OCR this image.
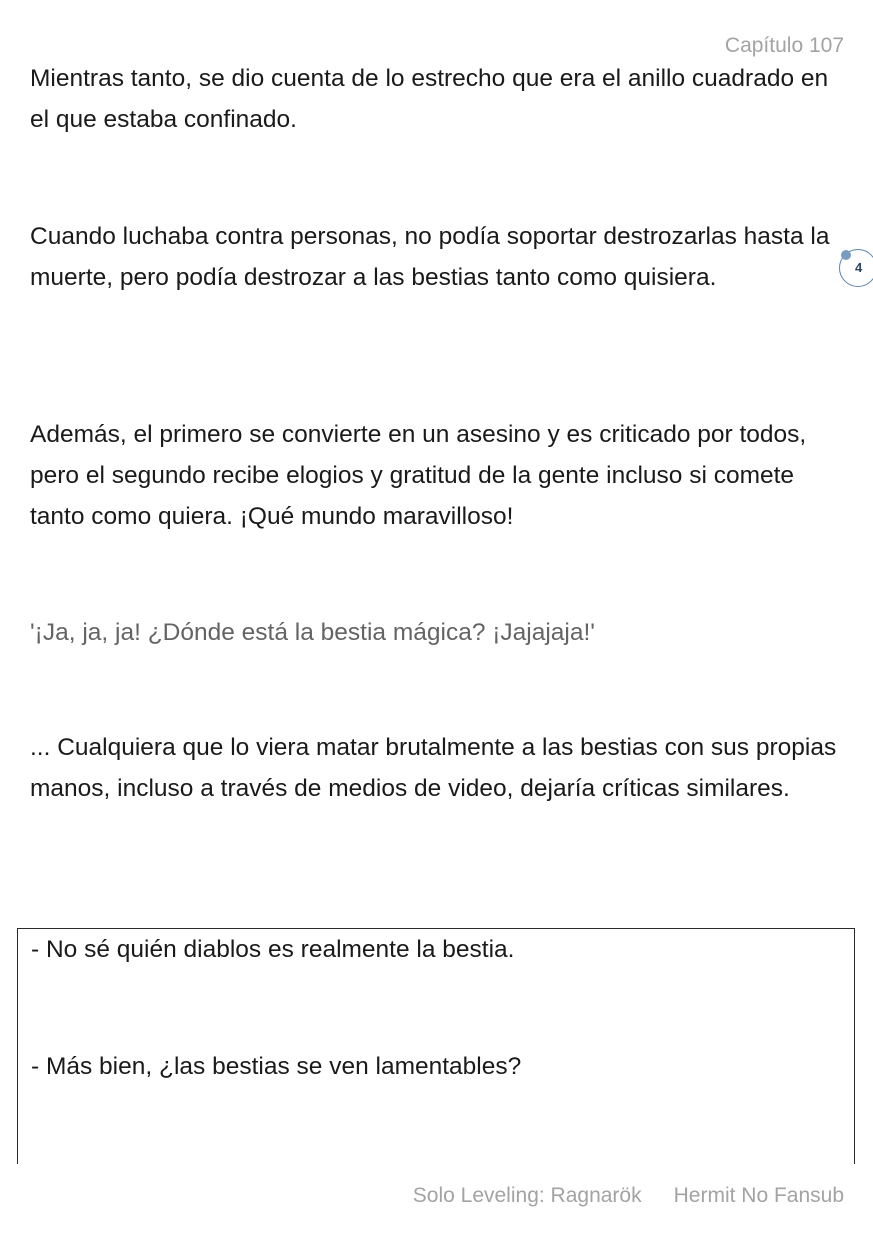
Capítulo 107

Mientras tanto, se dio cuenta de lo estrecho que era el anillo cuadrado en el que estaba confinado.

Cuando luchaba contra personas, no podía soportar destrozarlas hasta la muerte, pero podía destrozar a las bestias tanto como quisiera.

Además, el primero se convierte en un asesino y es criticado por todos, pero el segundo recibe elogios y gratitud de la gente incluso si comete tanto como quiera. ¡Qué mundo maravilloso!

'¡Ja, ja, ja! ¿Dónde está la bestia mágica? ¡Jajajaja!'

... Cualquiera que lo viera matar brutalmente a las bestias con sus propias manos, incluso a través de medios de video, dejaría críticas similares.

- No sé quién diablos es realmente la bestia.

- Más bien, ¿las bestias se ven lamentables?

4
Solo Leveling: Ragnarök Hermit No Fansub
